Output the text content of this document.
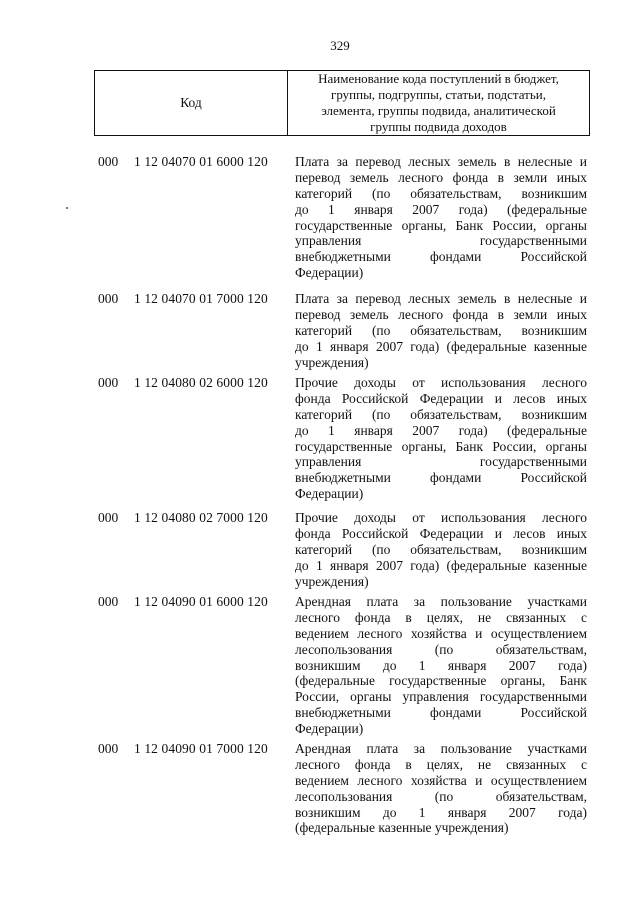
329
Код
Наименование кода поступлений в бюджет,
группы, подгруппы, статьи, подстатьи,
элемента, группы подвида, аналитической
группы подвида доходов
000	1 12 04070 01 6000 120	Плата за перевод лесных земель в нелесные и
перевод земель лесного фонда в земли иных
категорий (по обязательствам, возникшим
до 1 января 2007 года) (федеральные
государственные органы, Банк России, органы
управления государственными
внебюджетными фондами Российской
Федерации)
000	1 12 04070 01 7000 120	Плата за перевод лесных земель в нелесные и
перевод земель лесного фонда в земли иных
категорий (по обязательствам, возникшим
до 1 января 2007 года) (федеральные казенные
учреждения)
000	1 12 04080 02 6000 120	Прочие доходы от использования лесного
фонда Российской Федерации и лесов иных
категорий (по обязательствам, возникшим
до 1 января 2007 года) (федеральные
государственные органы, Банк России, органы
управления государственными
внебюджетными фондами Российской
Федерации)
000	1 12 04080 02 7000 120	Прочие доходы от использования лесного
фонда Российской Федерации и лесов иных
категорий (по обязательствам, возникшим
до 1 января 2007 года) (федеральные казенные
учреждения)
000	1 12 04090 01 6000 120	Арендная плата за пользование участками
лесного фонда в целях, не связанных с
ведением лесного хозяйства и осуществлением
лесопользования (по обязательствам,
возникшим до 1 января 2007 года)
(федеральные государственные органы, Банк
России, органы управления государственными
внебюджетными фондами Российской
Федерации)
000	1 12 04090 01 7000 120	Арендная плата за пользование участками
лесного фонда в целях, не связанных с
ведением лесного хозяйства и осуществлением
лесопользования (по обязательствам,
возникшим до 1 января 2007 года)
(федеральные казенные учреждения)
